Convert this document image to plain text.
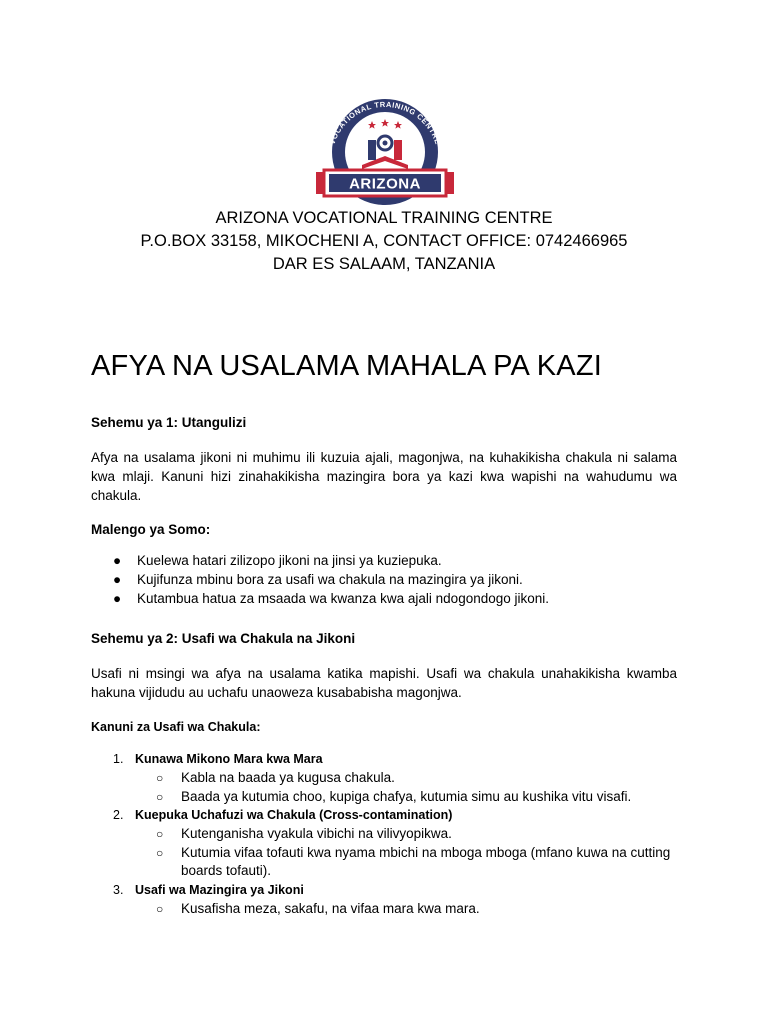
VOCATIONAL TRAINING CENTRE
ARIZONA
ARIZONA VOCATIONAL TRAINING CENTRE
P.O.BOX 33158, MIKOCHENI A, CONTACT OFFICE: 0742466965
DAR ES SALAAM, TANZANIA
AFYA NA USALAMA MAHALA PA KAZI
Sehemu ya 1: Utangulizi

Afya na usalama jikoni ni muhimu ili kuzuia ajali, magonjwa, na kuhakikisha chakula ni salama kwa mlaji. Kanuni hizi zinahakikisha mazingira bora ya kazi kwa wapishi na wahudumu wa chakula.

Malengo ya Somo:
● Kuelewa hatari zilizopo jikoni na jinsi ya kuziepuka.
● Kujifunza mbinu bora za usafi wa chakula na mazingira ya jikoni.
● Kutambua hatua za msaada wa kwanza kwa ajali ndogondogo jikoni.
Sehemu ya 2: Usafi wa Chakula na Jikoni

Usafi ni msingi wa afya na usalama katika mapishi. Usafi wa chakula unahakikisha kwamba hakuna vijidudu au uchafu unaoweza kusababisha magonjwa.

Kanuni za Usafi wa Chakula:
1. Kunawa Mikono Mara kwa Mara
○ Kabla na baada ya kugusa chakula.
○ Baada ya kutumia choo, kupiga chafya, kutumia simu au kushika vitu visafi.
2. Kuepuka Uchafuzi wa Chakula (Cross-contamination)
○ Kutenganisha vyakula vibichi na vilivyopikwa.
○ Kutumia vifaa tofauti kwa nyama mbichi na mboga mboga (mfano kuwa na cutting boards tofauti).
3. Usafi wa Mazingira ya Jikoni
○ Kusafisha meza, sakafu, na vifaa mara kwa mara.
